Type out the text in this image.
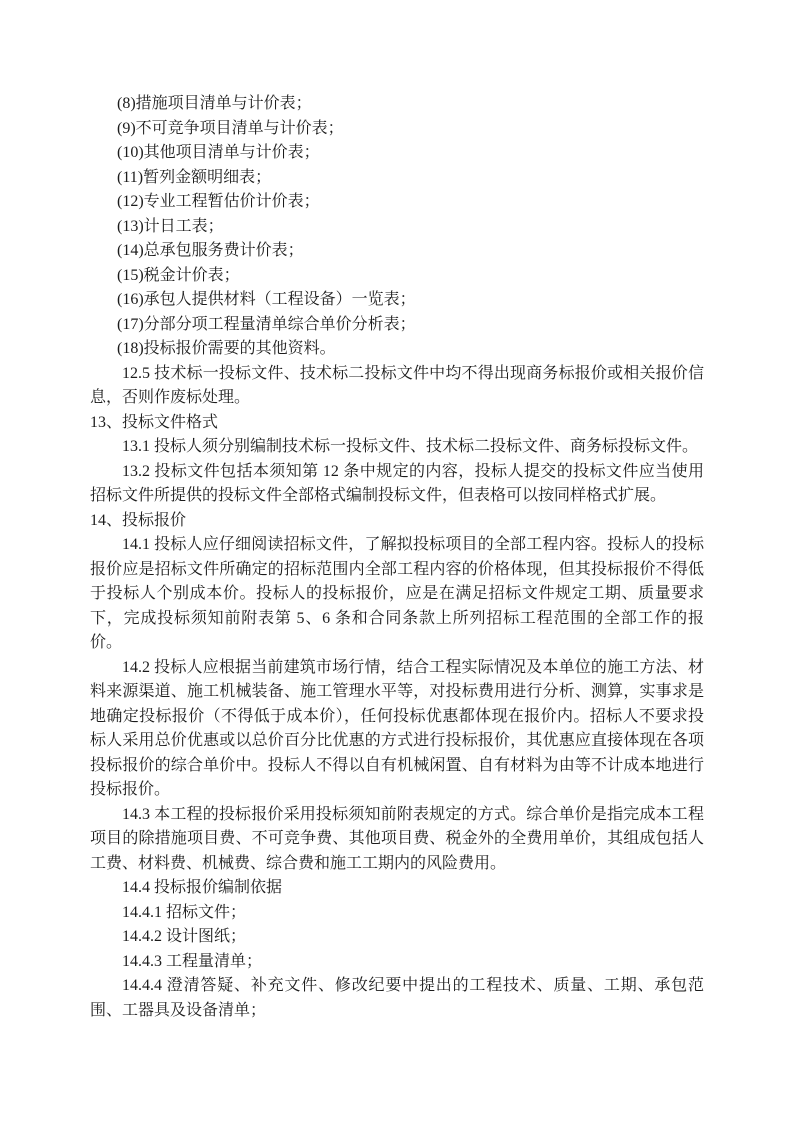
(8)措施项目清单与计价表；

(9)不可竞争项目清单与计价表；

(10)其他项目清单与计价表；

(11)暂列金额明细表；

(12)专业工程暂估价计价表；

(13)计日工表；

(14)总承包服务费计价表；

(15)税金计价表；

(16)承包人提供材料（工程设备）一览表；

(17)分部分项工程量清单综合单价分析表；

(18)投标报价需要的其他资料。

12.5 技术标一投标文件、技术标二投标文件中均不得出现商务标报价或相关报价信息，否则作废标处理。

13、投标文件格式

13.1 投标人须分别编制技术标一投标文件、技术标二投标文件、商务标投标文件。

13.2 投标文件包括本须知第 12 条中规定的内容，投标人提交的投标文件应当使用招标文件所提供的投标文件全部格式编制投标文件，但表格可以按同样格式扩展。

14、投标报价

14.1 投标人应仔细阅读招标文件，了解拟投标项目的全部工程内容。投标人的投标报价应是招标文件所确定的招标范围内全部工程内容的价格体现，但其投标报价不得低于投标人个别成本价。投标人的投标报价，应是在满足招标文件规定工期、质量要求下，完成投标须知前附表第 5、6 条和合同条款上所列招标工程范围的全部工作的报价。

14.2 投标人应根据当前建筑市场行情，结合工程实际情况及本单位的施工方法、材料来源渠道、施工机械装备、施工管理水平等，对投标费用进行分析、测算，实事求是地确定投标报价（不得低于成本价），任何投标优惠都体现在报价内。招标人不要求投标人采用总价优惠或以总价百分比优惠的方式进行投标报价，其优惠应直接体现在各项投标报价的综合单价中。投标人不得以自有机械闲置、自有材料为由等不计成本地进行投标报价。

14.3 本工程的投标报价采用投标须知前附表规定的方式。综合单价是指完成本工程项目的除措施项目费、不可竞争费、其他项目费、税金外的全费用单价，其组成包括人工费、材料费、机械费、综合费和施工工期内的风险费用。

14.4 投标报价编制依据

14.4.1 招标文件；

14.4.2 设计图纸；

14.4.3 工程量清单；

14.4.4 澄清答疑、补充文件、修改纪要中提出的工程技术、质量、工期、承包范围、工器具及设备清单；
